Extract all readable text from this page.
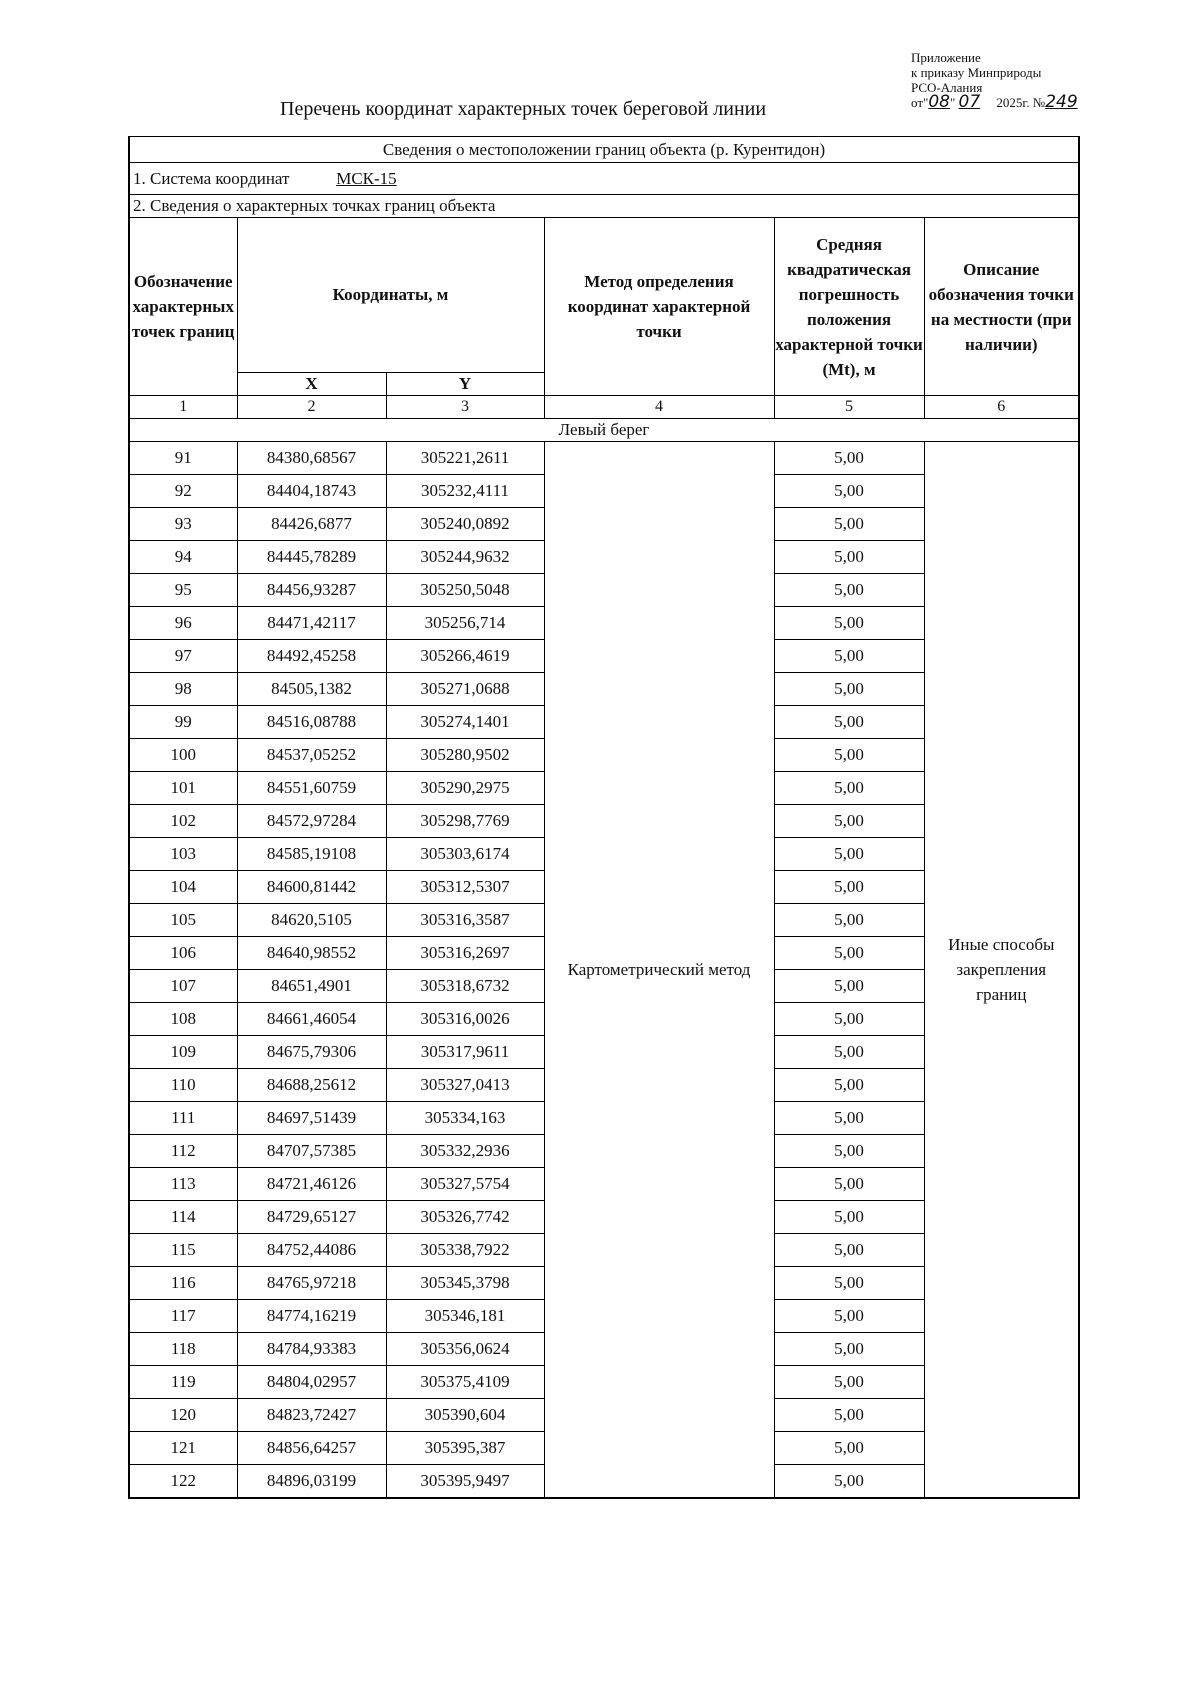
Приложение
к приказу Минприроды
РСО-Алания
от"08" 07 2025г. №249
Перечень координат характерных точек береговой линии
Сведения о местоположении границ объекта (р. Курентидон)					
1. Система координат МСК-15					
2. Сведения о характерных точках границ объекта					
Обозначение характерных точек границ	Координаты, м		Метод определения координат характерной точки	Средняя квадратическая погрешность положения характерной точки (Mt), м	Описание обозначения точки на местности (при наличии)
	X	Y			
1	2	3	4	5	6
Левый берег					
91	84380,68567	305221,2611	Картометрический метод	5,00	Иные способы закрепления границ
92	84404,18743	305232,4111		5,00	
93	84426,6877	305240,0892		5,00	
94	84445,78289	305244,9632		5,00	
95	84456,93287	305250,5048		5,00	
96	84471,42117	305256,714		5,00	
97	84492,45258	305266,4619		5,00	
98	84505,1382	305271,0688		5,00	
99	84516,08788	305274,1401		5,00	
100	84537,05252	305280,9502		5,00	
101	84551,60759	305290,2975		5,00	
102	84572,97284	305298,7769		5,00	
103	84585,19108	305303,6174		5,00	
104	84600,81442	305312,5307		5,00	
105	84620,5105	305316,3587		5,00	
106	84640,98552	305316,2697		5,00	
107	84651,4901	305318,6732		5,00	
108	84661,46054	305316,0026		5,00	
109	84675,79306	305317,9611		5,00	
110	84688,25612	305327,0413		5,00	
111	84697,51439	305334,163		5,00	
112	84707,57385	305332,2936		5,00	
113	84721,46126	305327,5754		5,00	
114	84729,65127	305326,7742		5,00	
115	84752,44086	305338,7922		5,00	
116	84765,97218	305345,3798		5,00	
117	84774,16219	305346,181		5,00	
118	84784,93383	305356,0624		5,00	
119	84804,02957	305375,4109		5,00	
120	84823,72427	305390,604		5,00	
121	84856,64257	305395,387		5,00	
122	84896,03199	305395,9497		5,00	
